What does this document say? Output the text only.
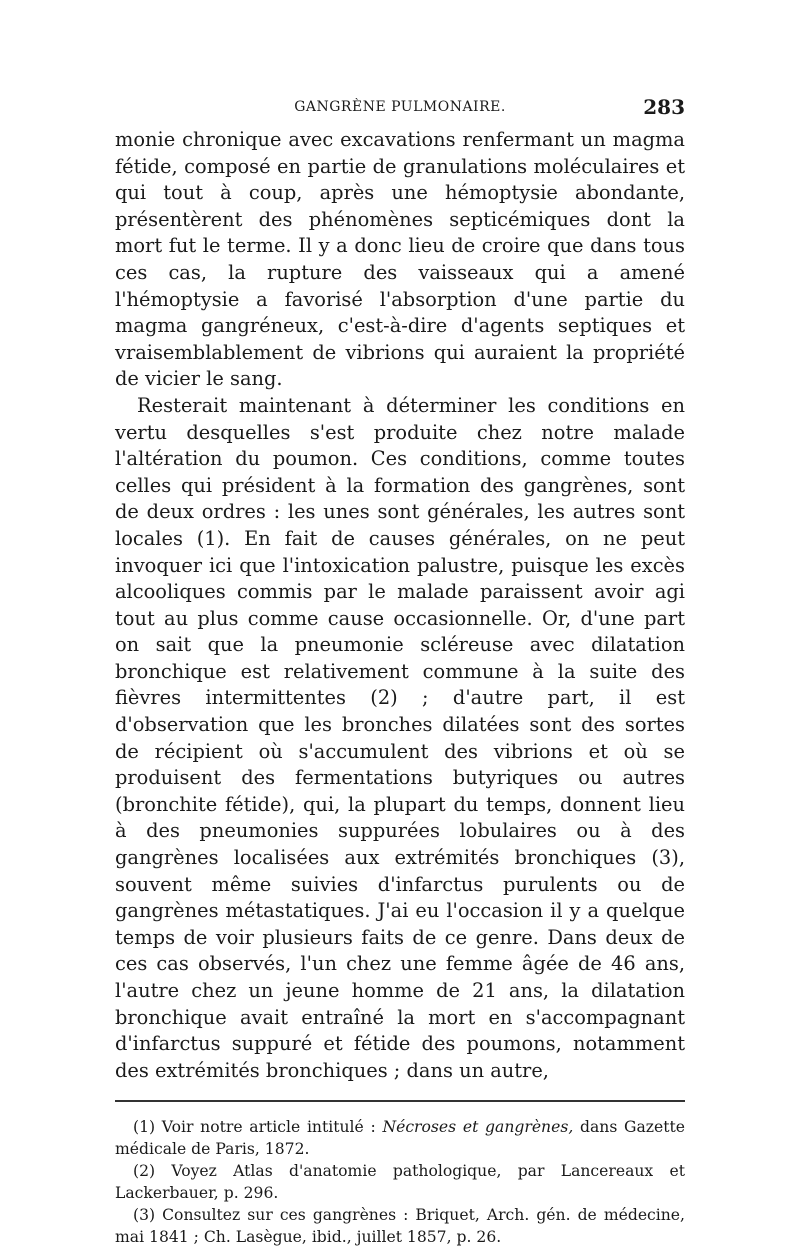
GANGRÈNE PULMONAIRE.	283

monie chronique avec excavations renfermant un magma fétide, composé en partie de granulations moléculaires et qui tout à coup, après une hémoptysie abondante, présentèrent des phénomènes septicémiques dont la mort fut le terme. Il y a donc lieu de croire que dans tous ces cas, la rupture des vaisseaux qui a amené l'hémoptysie a favorisé l'absorption d'une partie du magma gangréneux, c'est-à-dire d'agents septiques et vraisemblablement de vibrions qui auraient la propriété de vicier le sang.

Resterait maintenant à déterminer les conditions en vertu desquelles s'est produite chez notre malade l'altération du poumon. Ces conditions, comme toutes celles qui président à la formation des gangrènes, sont de deux ordres : les unes sont générales, les autres sont locales (1). En fait de causes générales, on ne peut invoquer ici que l'intoxication palustre, puisque les excès alcooliques commis par le malade paraissent avoir agi tout au plus comme cause occasionnelle. Or, d'une part on sait que la pneumonie scléreuse avec dilatation bronchique est relativement commune à la suite des fièvres intermittentes (2) ; d'autre part, il est d'observation que les bronches dilatées sont des sortes de récipient où s'accumulent des vibrions et où se produisent des fermentations butyriques ou autres (bronchite fétide), qui, la plupart du temps, donnent lieu à des pneumonies suppurées lobulaires ou à des gangrènes localisées aux extrémités bronchiques (3), souvent même suivies d'infarctus purulents ou de gangrènes métastatiques. J'ai eu l'occasion il y a quelque temps de voir plusieurs faits de ce genre. Dans deux de ces cas observés, l'un chez une femme âgée de 46 ans, l'autre chez un jeune homme de 21 ans, la dilatation bronchique avait entraîné la mort en s'accompagnant d'infarctus suppuré et fétide des poumons, notamment des extrémités bronchiques ; dans un autre,

(1) Voir notre article intitulé : Nécroses et gangrènes, dans Gazette médicale de Paris, 1872.

(2) Voyez Atlas d'anatomie pathologique, par Lancereaux et Lackerbauer, p. 296.

(3) Consultez sur ces gangrènes : Briquet, Arch. gén. de médecine, mai 1841 ; Ch. Lasègue, ibid., juillet 1857, p. 26.
